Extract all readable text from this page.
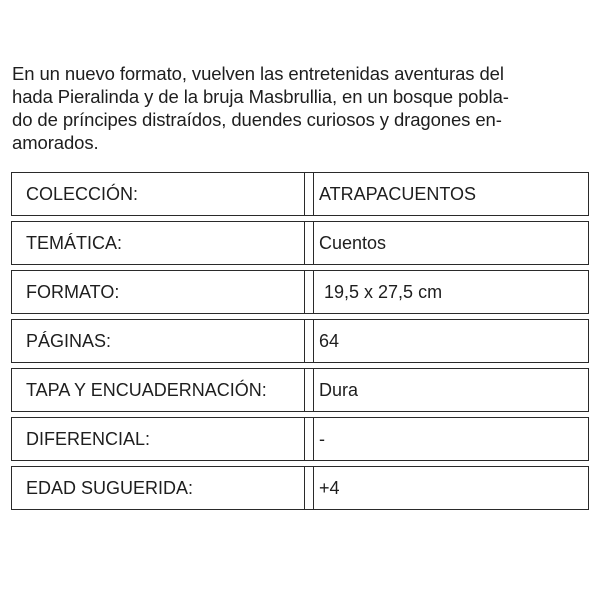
En un nuevo formato, vuelven las entretenidas aventuras del
hada Pieralinda y de la bruja Masbrullia, en un bosque pobla-
do de príncipes distraídos, duendes curiosos y dragones en-
amorados.

COLECCIÓN:	ATRAPACUENTOS
TEMÁTICA:	Cuentos
FORMATO:	19,5 x 27,5 cm
PÁGINAS:	64
TAPA Y ENCUADERNACIÓN:	Dura
DIFERENCIAL:	-
EDAD SUGUERIDA:	+4
